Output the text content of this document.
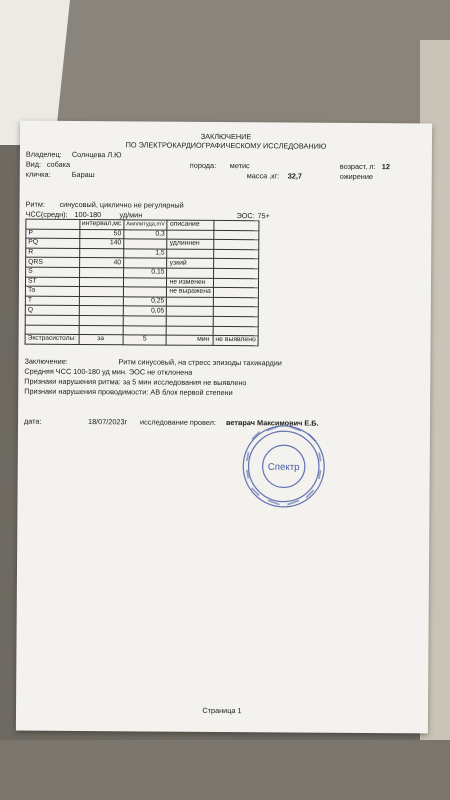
ЗАКЛЮЧЕНИЕ
ПО ЭЛЕКТРОКАРДИОГРАФИЧЕСКОМУ ИССЛЕДОВАНИЮ
Владелец: Солнцева Л.Ю
Вид: собака	порода: метис	возраст, л: 12
кличка:	Бараш	масса ,кг: 32,7	ожирение
Ритм: синусовый, циклично не регулярный
ЧСС(средн): 100-180 уд/мин	ЭОС: 75+
	интервал,мс	Амплитуда,mV	описание	
P	50	0,3		
PQ	140		удлиннен	
R		1,5		
QRS	40		узкий	
S		0,15		
ST			не изменен	
Ta			не выражена	
T		0,25		
Q		0,05		

Экстрасистолы:	за	5	мин	не выявлено
Заключение:	Ритм синусовый, на стресс эпизоды тахикардии
Средняя ЧСС 100-180 уд мин. ЭОС не отклонена
Признаки нарушения ритма: за 5 мин исследования не выявлено
Признаки нарушения проводимости: АВ блок первой степени
дата:	18/07/2023г исследование провел: ветврач Максимович Е.Б.
Спектр
Страница 1
